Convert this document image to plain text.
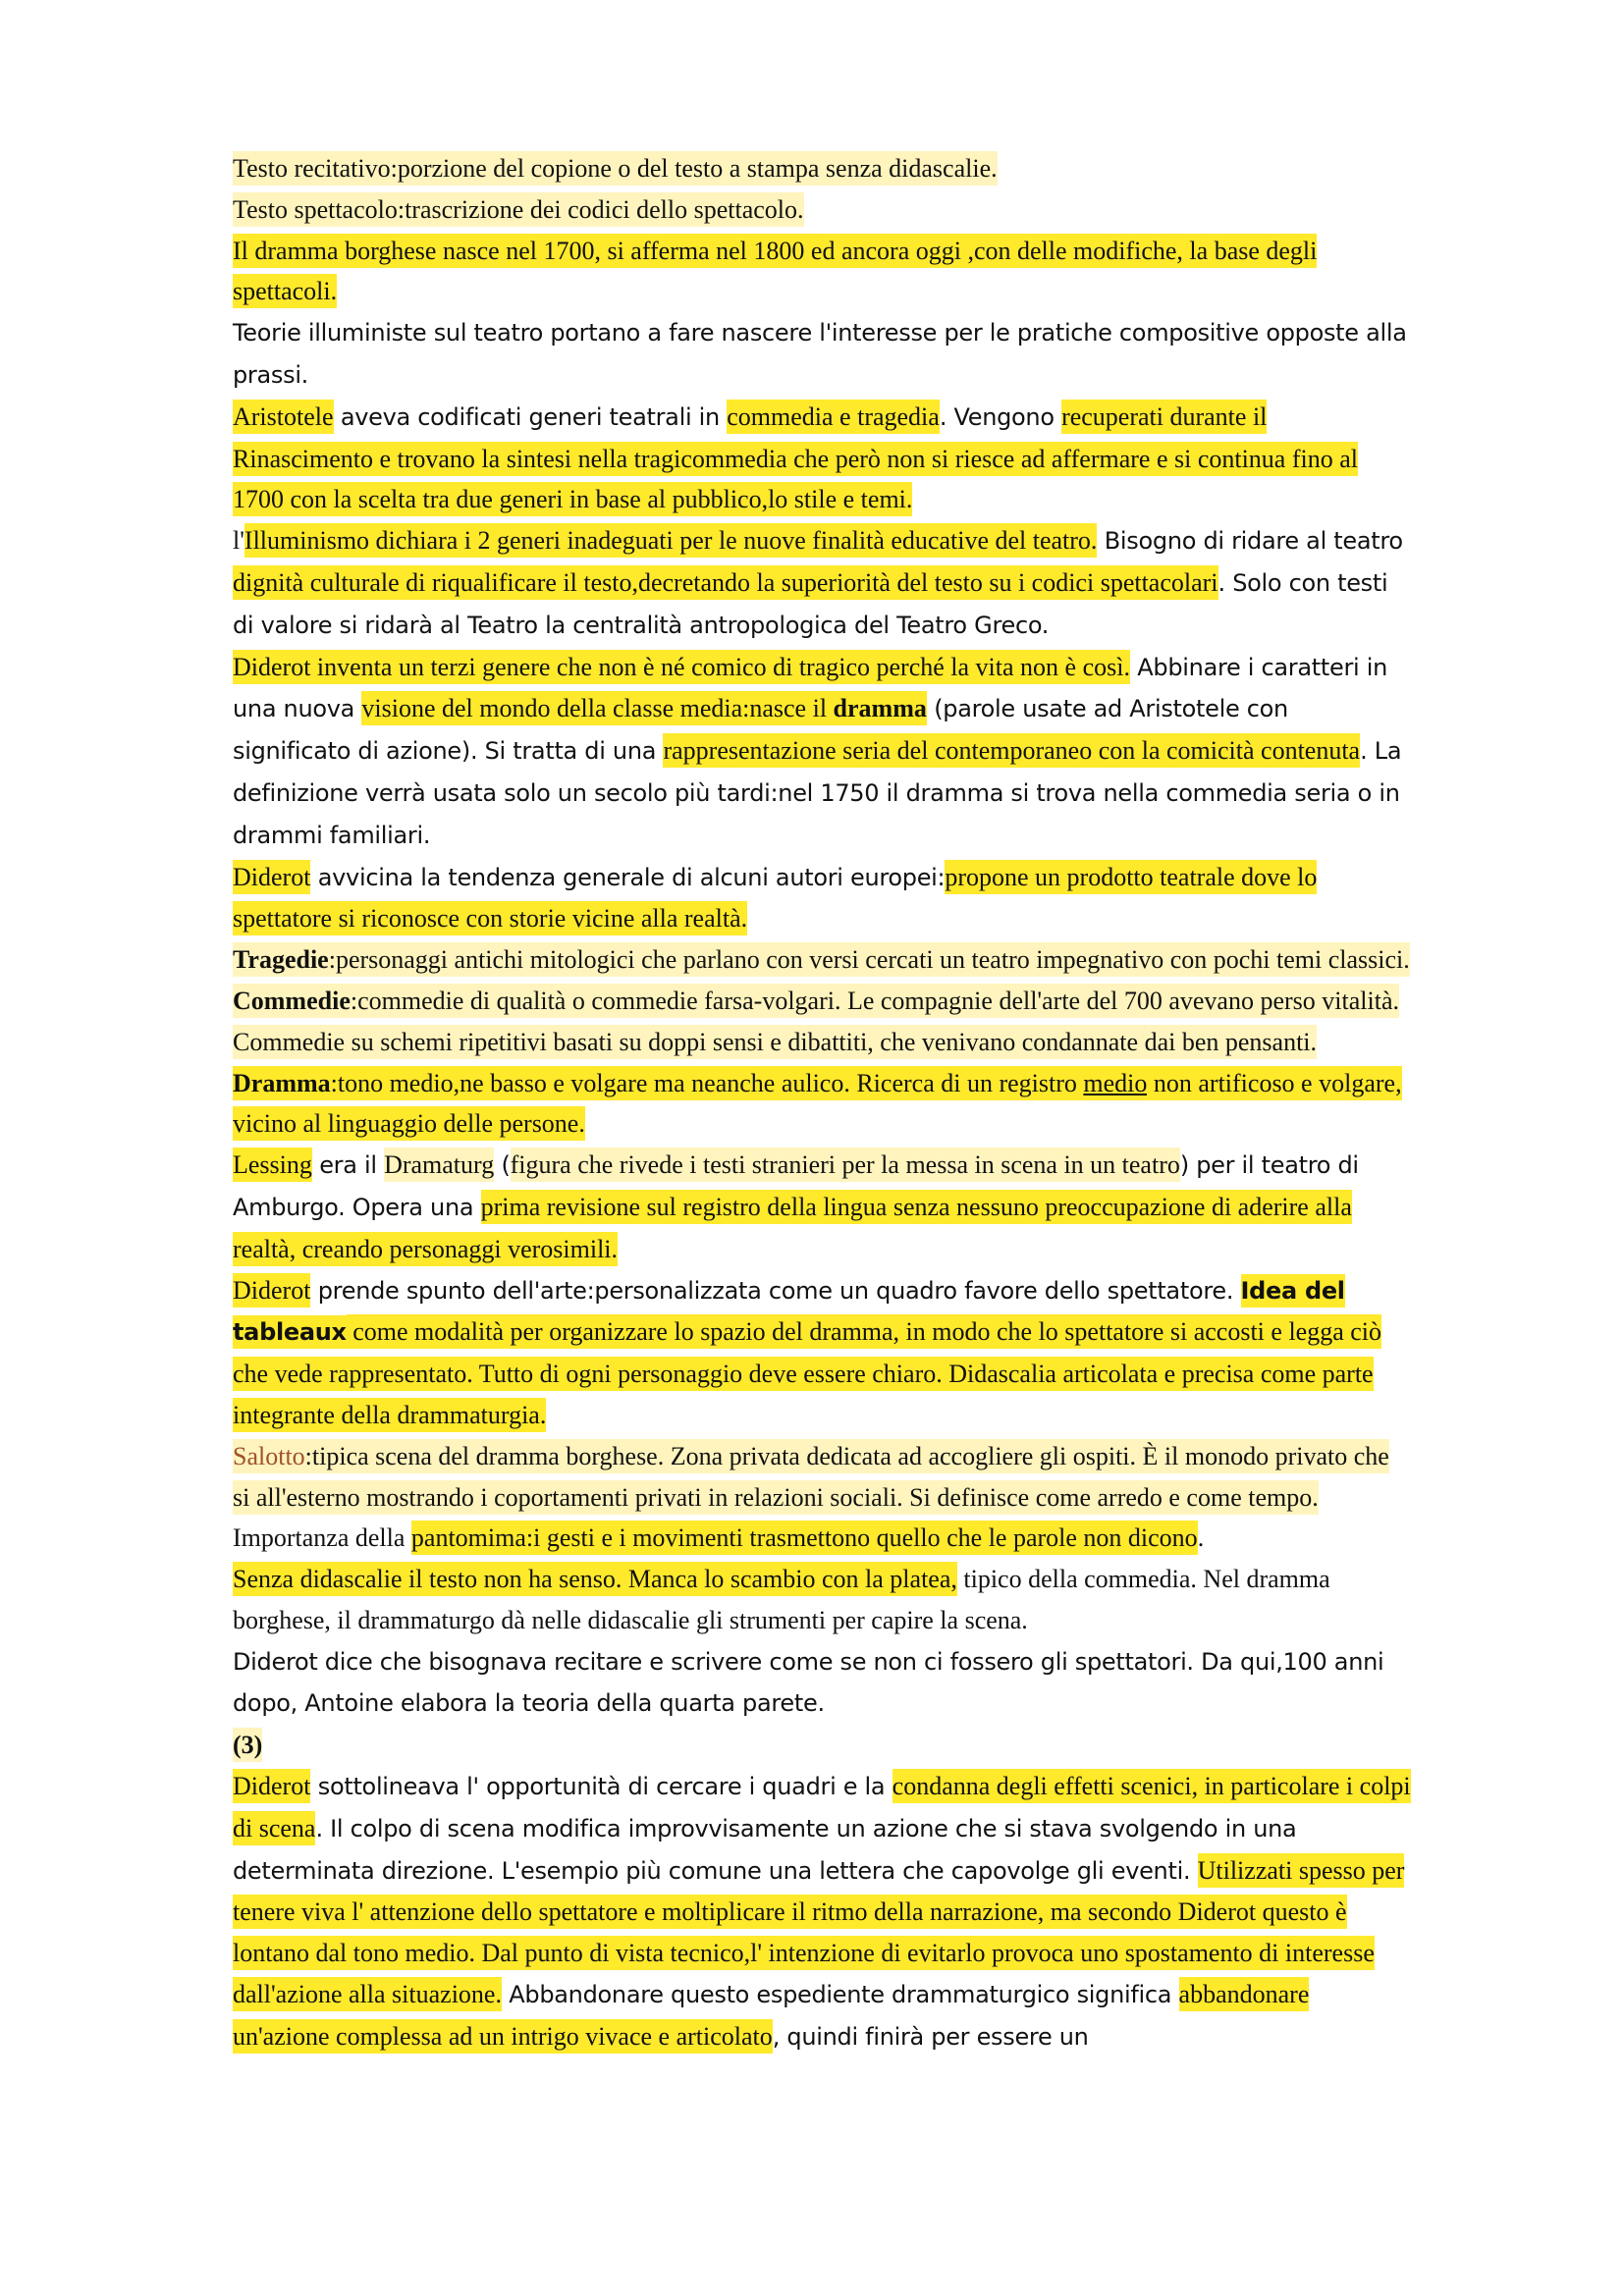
Testo recitativo:porzione del copione o del testo a stampa senza didascalie.
Testo spettacolo:trascrizione dei codici dello spettacolo.
Il dramma borghese nasce nel 1700, si afferma nel 1800 ed ancora oggi ,con delle modifiche, la base degli spettacoli.
Teorie illuministe sul teatro portano a fare nascere l'interesse per le pratiche compositive opposte alla prassi.
Aristotele aveva codificati generi teatrali in commedia e tragedia. Vengono recuperati durante il Rinascimento e trovano la sintesi nella tragicommedia che però non si riesce ad affermare e si continua fino al 1700 con la scelta tra due generi in base al pubblico,lo stile e temi.
l'Illuminismo dichiara i 2 generi inadeguati per le nuove finalità educative del teatro. Bisogno di ridare al teatro dignità culturale di riqualificare il testo,decretando la superiorità del testo su i codici spettacolari. Solo con testi di valore si ridarà al Teatro la centralità antropologica del Teatro Greco.
Diderot inventa un terzi genere che non è né comico di tragico perché la vita non è così. Abbinare i caratteri in una nuova visione del mondo della classe media:nasce il dramma (parole usate ad Aristotele con significato di azione). Si tratta di una rappresentazione seria del contemporaneo con la comicità contenuta. La definizione verrà usata solo un secolo più tardi:nel 1750 il dramma si trova nella commedia seria o in drammi familiari.
Diderot avvicina la tendenza generale di alcuni autori europei:propone un prodotto teatrale dove lo spettatore si riconosce con storie vicine alla realtà.
Tragedie:personaggi antichi mitologici che parlano con versi cercati un teatro impegnativo con pochi temi classici.
Commedie:commedie di qualità o commedie farsa-volgari. Le compagnie dell'arte del 700 avevano perso vitalità. Commedie su schemi ripetitivi basati su doppi sensi e dibattiti, che venivano condannate dai ben pensanti.
Dramma:tono medio,ne basso e volgare ma neanche aulico. Ricerca di un registro medio non artificoso e volgare, vicino al linguaggio delle persone.
Lessing era il Dramaturg (figura che rivede i testi stranieri per la messa in scena in un teatro) per il teatro di Amburgo. Opera una prima revisione sul registro della lingua senza nessuno preoccupazione di aderire alla realtà, creando personaggi verosimili.
Diderot prende spunto dell'arte:personalizzata come un quadro favore dello spettatore. Idea del tableaux come modalità per organizzare lo spazio del dramma, in modo che lo spettatore si accosti e legga ciò che vede rappresentato. Tutto di ogni personaggio deve essere chiaro. Didascalia articolata e precisa come parte integrante della drammaturgia.
Salotto:tipica scena del dramma borghese. Zona privata dedicata ad accogliere gli ospiti. È il monodo privato che si all'esterno mostrando i coportamenti privati in relazioni sociali. Si definisce come arredo e come tempo.
Importanza della pantomima:i gesti e i movimenti trasmettono quello che le parole non dicono.
Senza didascalie il testo non ha senso. Manca lo scambio con la platea, tipico della commedia. Nel dramma borghese, il drammaturgo dà nelle didascalie gli strumenti per capire la scena.
Diderot dice che bisognava recitare e scrivere come se non ci fossero gli spettatori. Da qui,100 anni dopo, Antoine elabora la teoria della quarta parete.
(3)
Diderot sottolineava l' opportunità di cercare i quadri e la condanna degli effetti scenici, in particolare i colpi di scena. Il colpo di scena modifica improvvisamente un azione che si stava svolgendo in una determinata direzione. L'esempio più comune una lettera che capovolge gli eventi. Utilizzati spesso per tenere viva l' attenzione dello spettatore e moltiplicare il ritmo della narrazione, ma secondo Diderot questo è lontano dal tono medio. Dal punto di vista tecnico,l' intenzione di evitarlo provoca uno spostamento di interesse dall'azione alla situazione. Abbandonare questo espediente drammaturgico significa abbandonare un'azione complessa ad un intrigo vivace e articolato, quindi finirà per essere un
